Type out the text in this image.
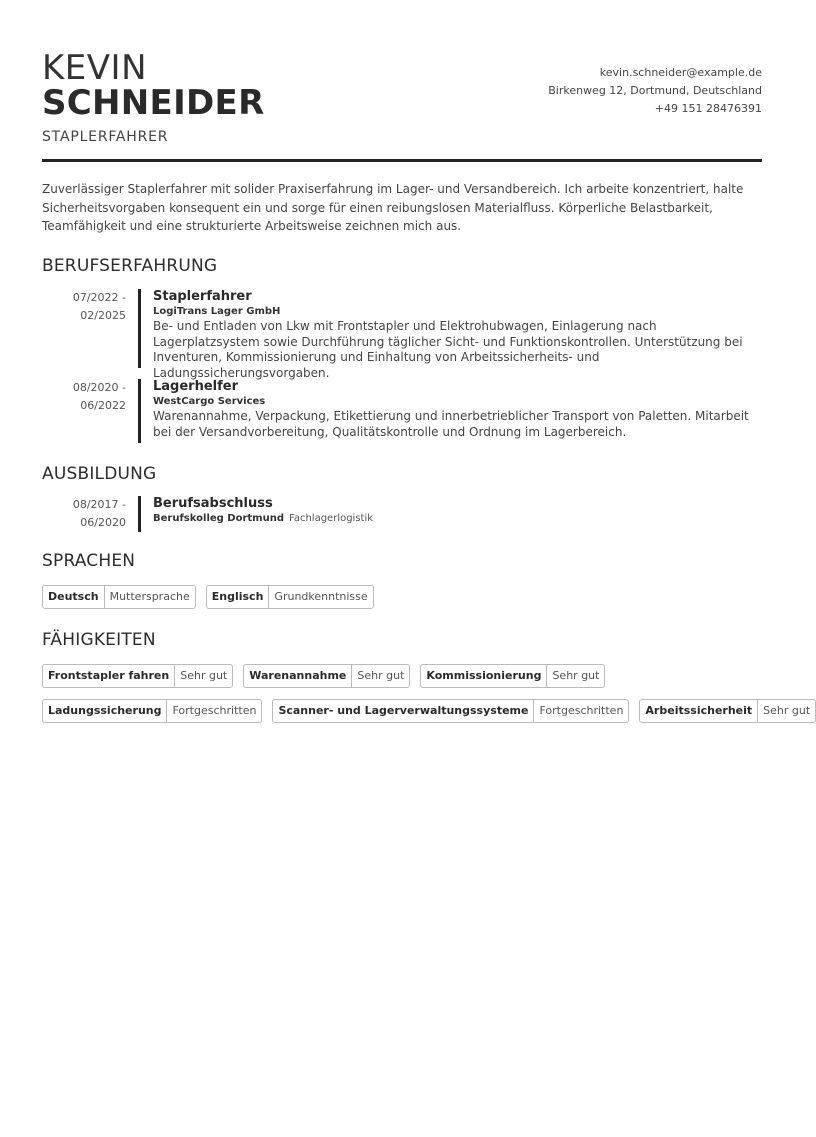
KEVIN
SCHNEIDER
STAPLERFAHRER
kevin.schneider@example.de
Birkenweg 12, Dortmund, Deutschland
+49 151 28476391
Zuverlässiger Staplerfahrer mit solider Praxiserfahrung im Lager- und Versandbereich. Ich arbeite konzentriert, halte Sicherheitsvorgaben konsequent ein und sorge für einen reibungslosen Materialfluss. Körperliche Belastbarkeit, Teamfähigkeit und eine strukturierte Arbeitsweise zeichnen mich aus.
BERUFSERFAHRUNG
07/2022 -
02/2025
Staplerfahrer
LogiTrans Lager GmbH
Be- und Entladen von Lkw mit Frontstapler und Elektrohubwagen, Einlagerung nach Lagerplatzsystem sowie Durchführung täglicher Sicht- und Funktionskontrollen. Unterstützung bei Inventuren, Kommissionierung und Einhaltung von Arbeitssicherheits- und Ladungssicherungsvorgaben.
08/2020 -
06/2022
Lagerhelfer
WestCargo Services
Warenannahme, Verpackung, Etikettierung und innerbetrieblicher Transport von Paletten. Mitarbeit bei der Versandvorbereitung, Qualitätskontrolle und Ordnung im Lagerbereich.
AUSBILDUNG
08/2017 -
06/2020
Berufsabschluss
Berufskolleg Dortmund Fachlagerlogistik
SPRACHEN
Deutsch	Muttersprache	Englisch	Grundkenntnisse
FÄHIGKEITEN
Frontstapler fahren	Sehr gut	Warenannahme	Sehr gut	Kommissionierung	Sehr gut
Ladungssicherung	Fortgeschritten	Scanner- und Lagerverwaltungssysteme	Fortgeschritten	Arbeitssicherheit	Sehr gut
